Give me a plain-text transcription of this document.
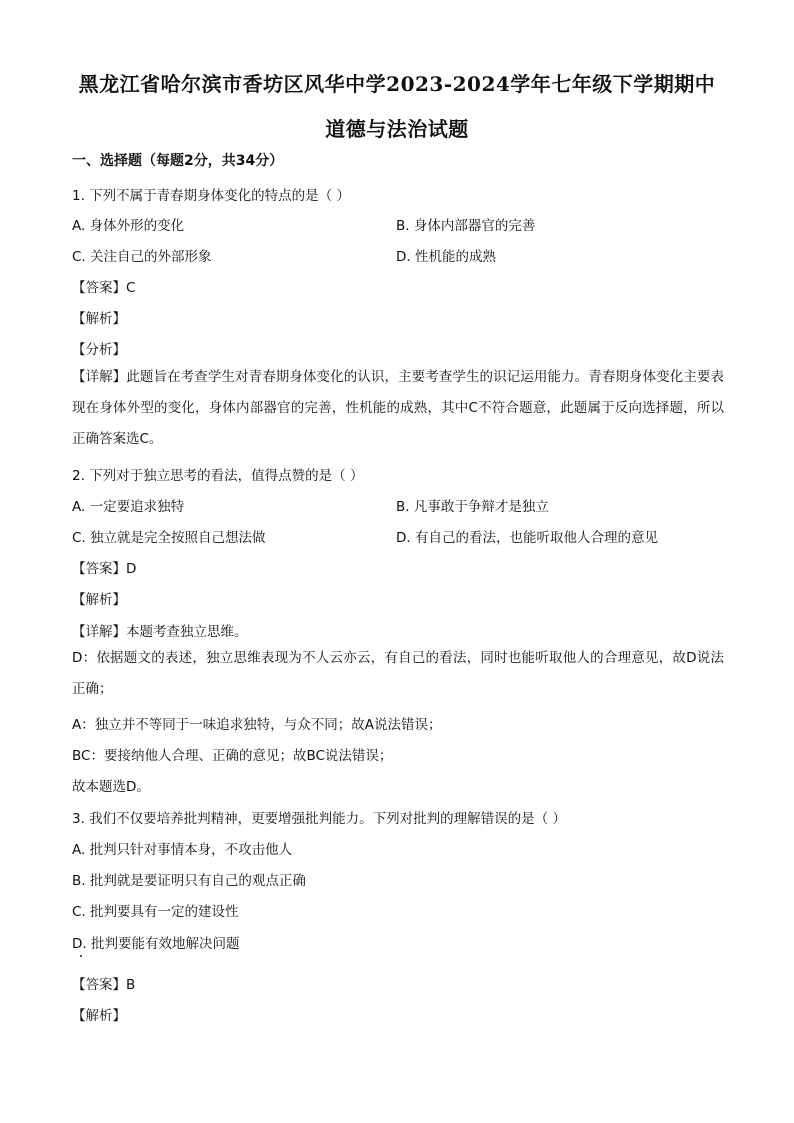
黑龙江省哈尔滨市香坊区风华中学2023-2024学年七年级下学期期中
道德与法治试题
一、选择题（每题2分，共34分）
1. 下列不属于青春期身体变化的特点的是（ ）
A. 身体外形的变化	B. 身体内部器官的完善
C. 关注自己的外部形象	D. 性机能的成熟
【答案】C
【解析】
【分析】
【详解】此题旨在考查学生对青春期身体变化的认识，主要考查学生的识记运用能力。青春期身体变化主要表现在身体外型的变化，身体内部器官的完善，性机能的成熟，其中C不符合题意，此题属于反向选择题，所以正确答案选C。
2. 下列对于独立思考的看法，值得点赞的是（ ）
A. 一定要追求独特	B. 凡事敢于争辩才是独立
C. 独立就是完全按照自己想法做	D. 有自己的看法，也能听取他人合理的意见
【答案】D
【解析】
【详解】本题考查独立思维。
D：依据题文的表述，独立思维表现为不人云亦云，有自己的看法，同时也能听取他人的合理意见，故D说法正确；
A：独立并不等同于一味追求独特，与众不同；故A说法错误；
BC：要接纳他人合理、正确的意见；故BC说法错误；
故本题选D。
3. 我们不仅要培养批判精神，更要增强批判能力。下列对批判的理解错误的是（ ）
A. 批判只针对事情本身，不攻击他人
B. 批判就是要证明只有自己的观点正确
C. 批判要具有一定的建设性
D. 批判要能有效地解决问题
【答案】B
【解析】
